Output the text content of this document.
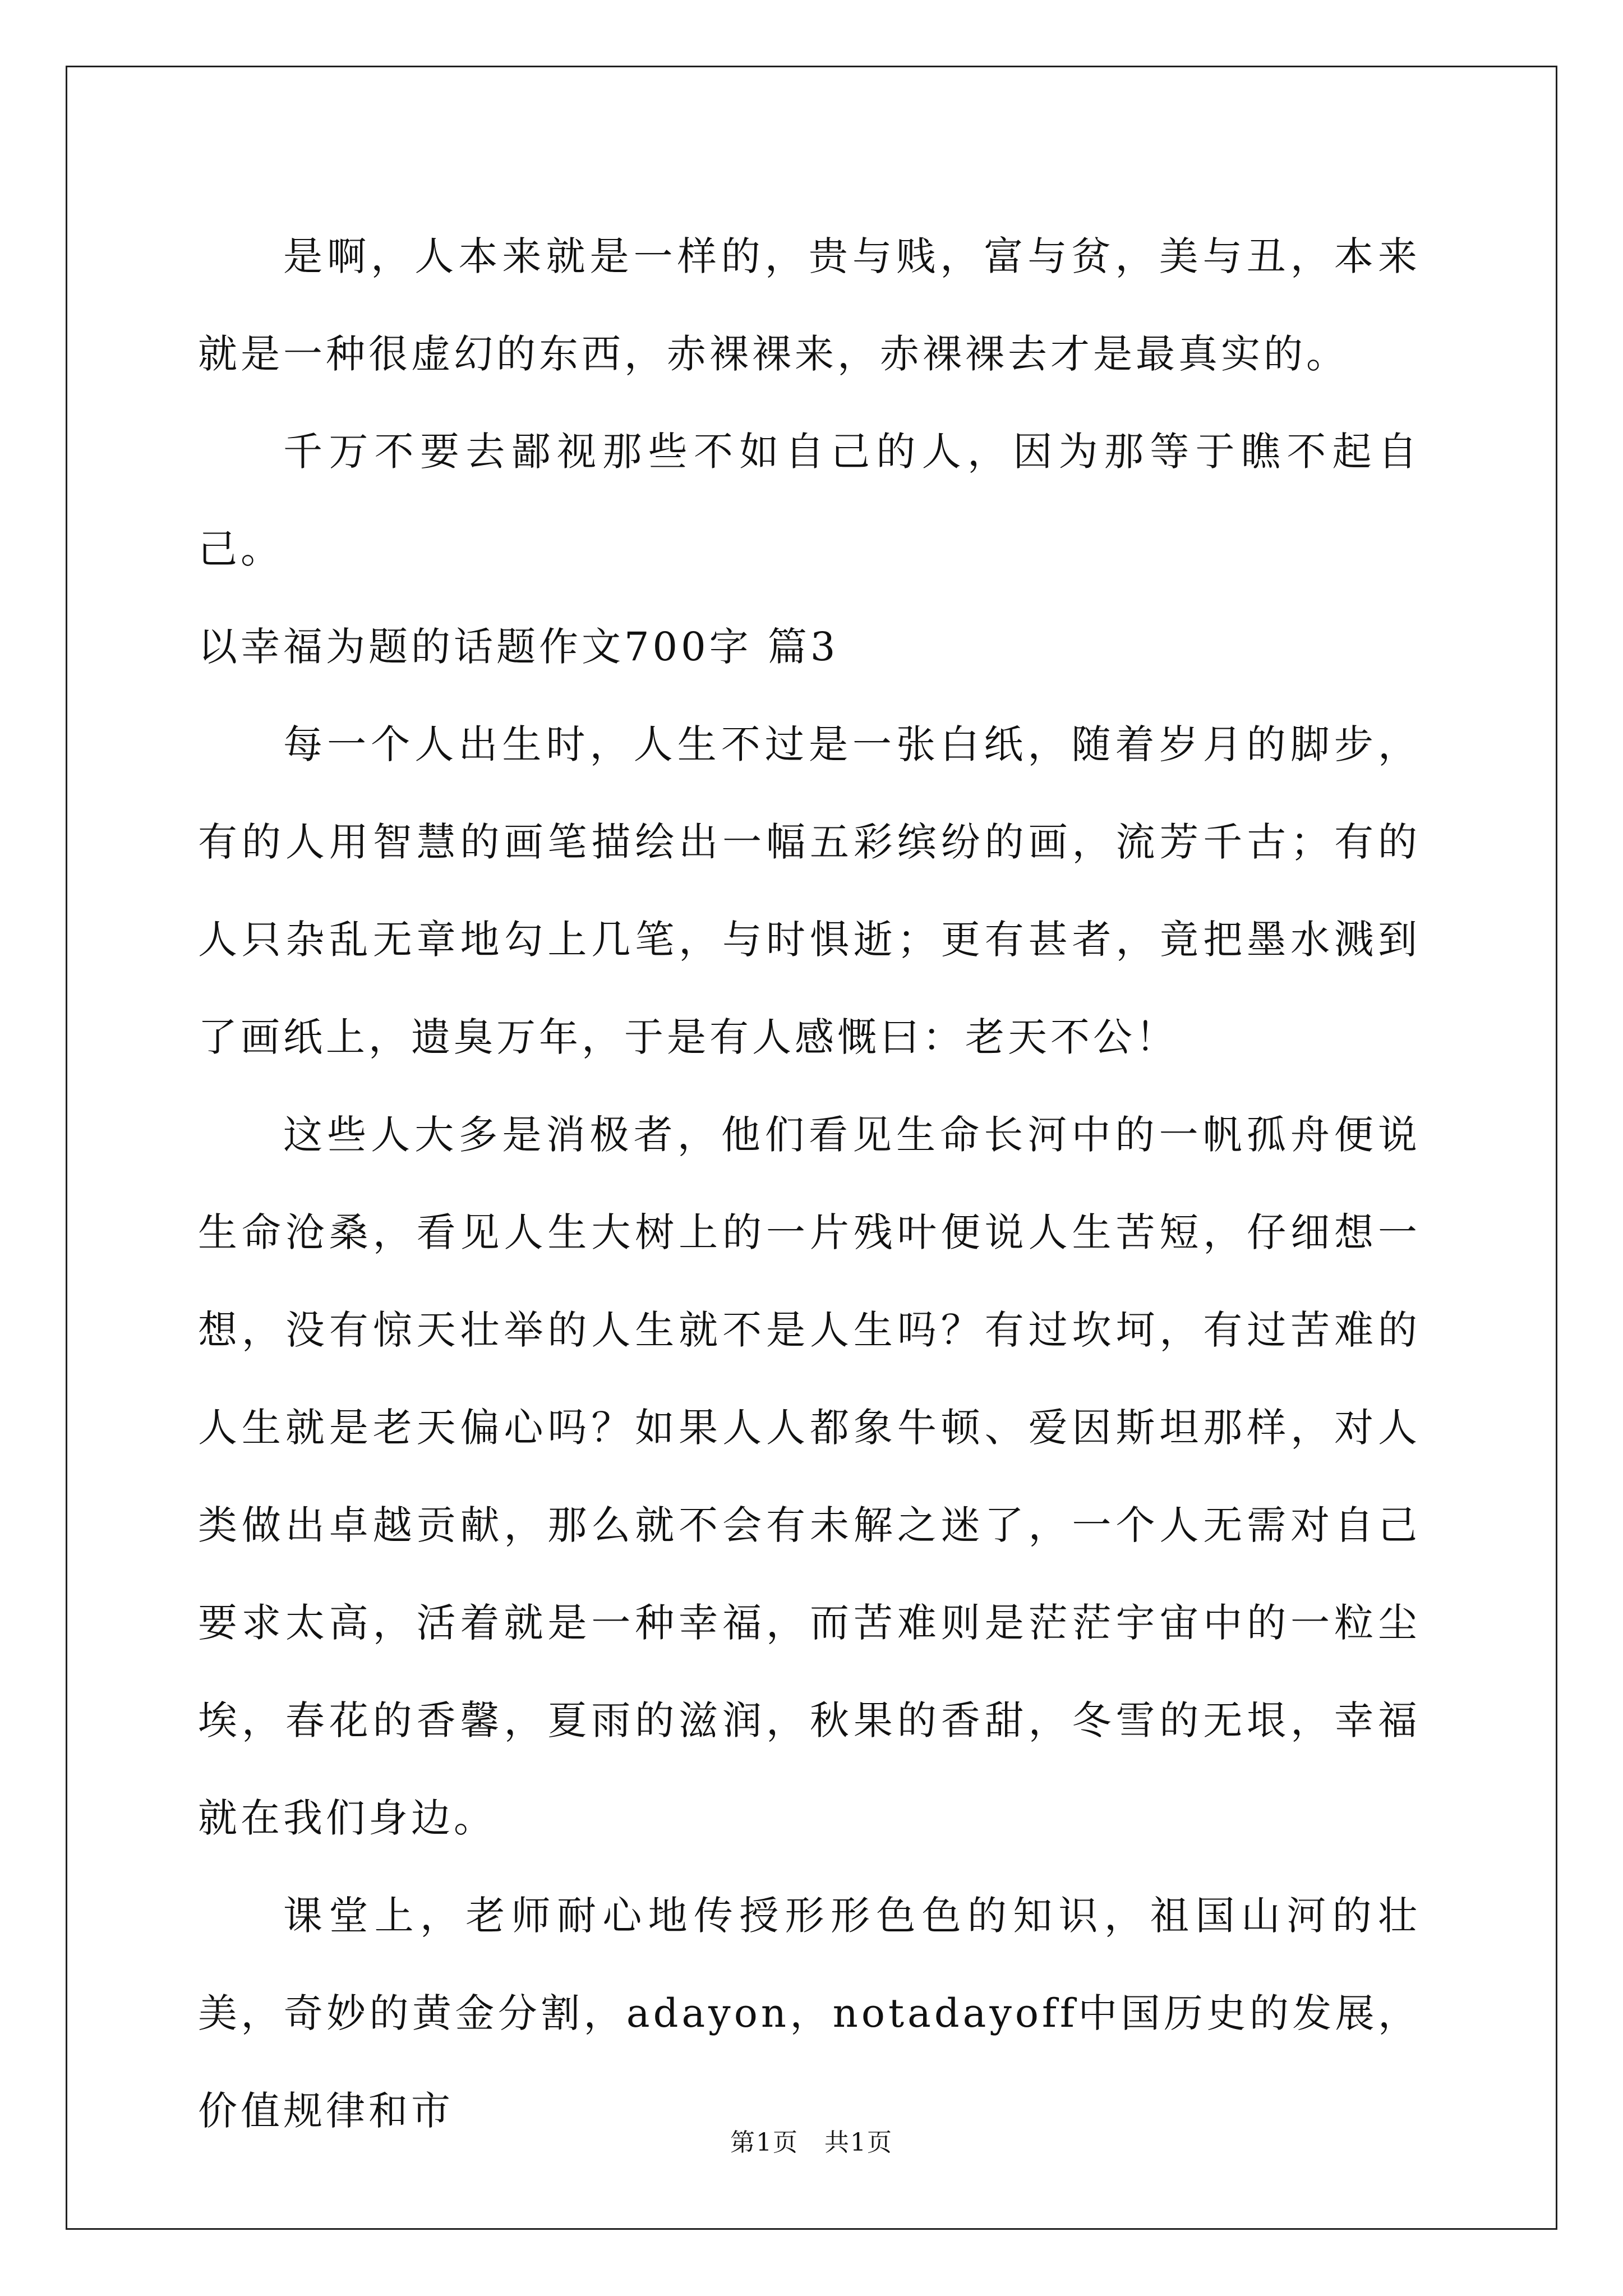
是啊，人本来就是一样的，贵与贱，富与贫，美与丑，本来就是一种很虚幻的东西，赤裸裸来，赤裸裸去才是最真实的。

千万不要去鄙视那些不如自己的人，因为那等于瞧不起自己。

以幸福为题的话题作文700字 篇3

每一个人出生时，人生不过是一张白纸，随着岁月的脚步，有的人用智慧的画笔描绘出一幅五彩缤纷的画，流芳千古；有的人只杂乱无章地勾上几笔，与时惧逝；更有甚者，竟把墨水溅到了画纸上，遗臭万年，于是有人感慨曰：老天不公！

这些人大多是消极者，他们看见生命长河中的一帆孤舟便说生命沧桑，看见人生大树上的一片残叶便说人生苦短，仔细想一想，没有惊天壮举的人生就不是人生吗？有过坎坷，有过苦难的人生就是老天偏心吗？如果人人都象牛顿、爱因斯坦那样，对人类做出卓越贡献，那么就不会有未解之迷了，一个人无需对自己要求太高，活着就是一种幸福，而苦难则是茫茫宇宙中的一粒尘埃，春花的香馨，夏雨的滋润，秋果的香甜，冬雪的无垠，幸福就在我们身边。

课堂上，老师耐心地传授形形色色的知识，祖国山河的壮美，奇妙的黄金分割，adayon，notadayoff中国历史的发展，价值规律和市

第1页　共1页
